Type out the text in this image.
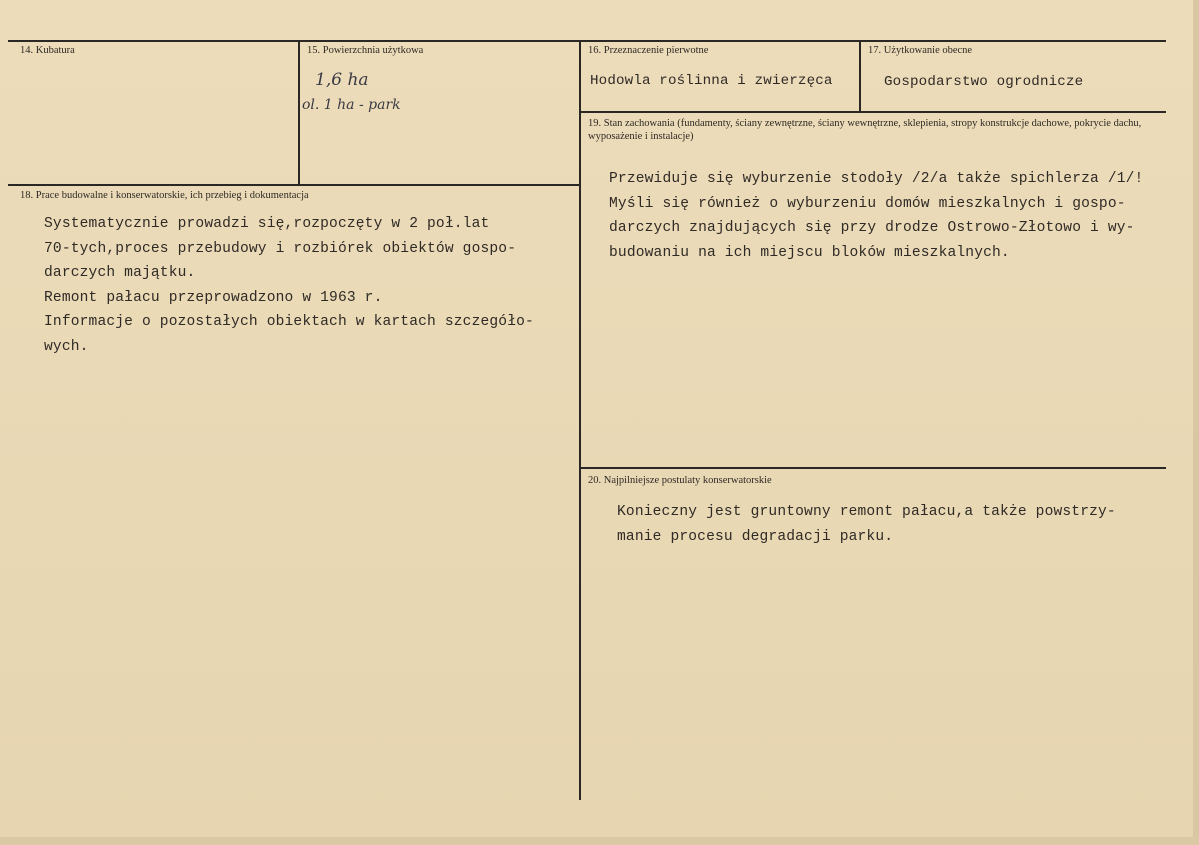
14. Kubatura	15. Powierzchnia użytkowa
1,6 ha
ol. 1 ha - park
16. Przeznaczenie pierwotne
Hodowla roślinna i zwierzęca
17. Użytkowanie obecne
Gospodarstwo ogrodnicze
19. Stan zachowania (fundamenty, ściany zewnętrzne, ściany wewnętrzne, sklepienia, stropy konstrukcje dachowe, pokrycie dachu, wyposażenie i instalacje)
Przewiduje się wyburzenie stodoły /2/a także spichlerza /1/!
Myśli się również o wyburzeniu domów mieszkalnych i gospo-
darczych znajdujących się przy drodze Ostrowo-Złotowo i wy-
budowaniu na ich miejscu bloków mieszkalnych.
18. Prace budowalne i konserwatorskie, ich przebieg i dokumentacja
Systematycznie prowadzi się,rozpoczęty w 2 poł.lat
70-tych,proces przebudowy i rozbiórek obiektów gospo-
darczych majątku.
Remont pałacu przeprowadzono w 1963 r.
Informacje o pozostałych obiektach w kartach szczegóło-
wych.
20. Najpilniejsze postulaty konserwatorskie
Konieczny jest gruntowny remont pałacu,a także powstrzy-
manie procesu degradacji parku.
